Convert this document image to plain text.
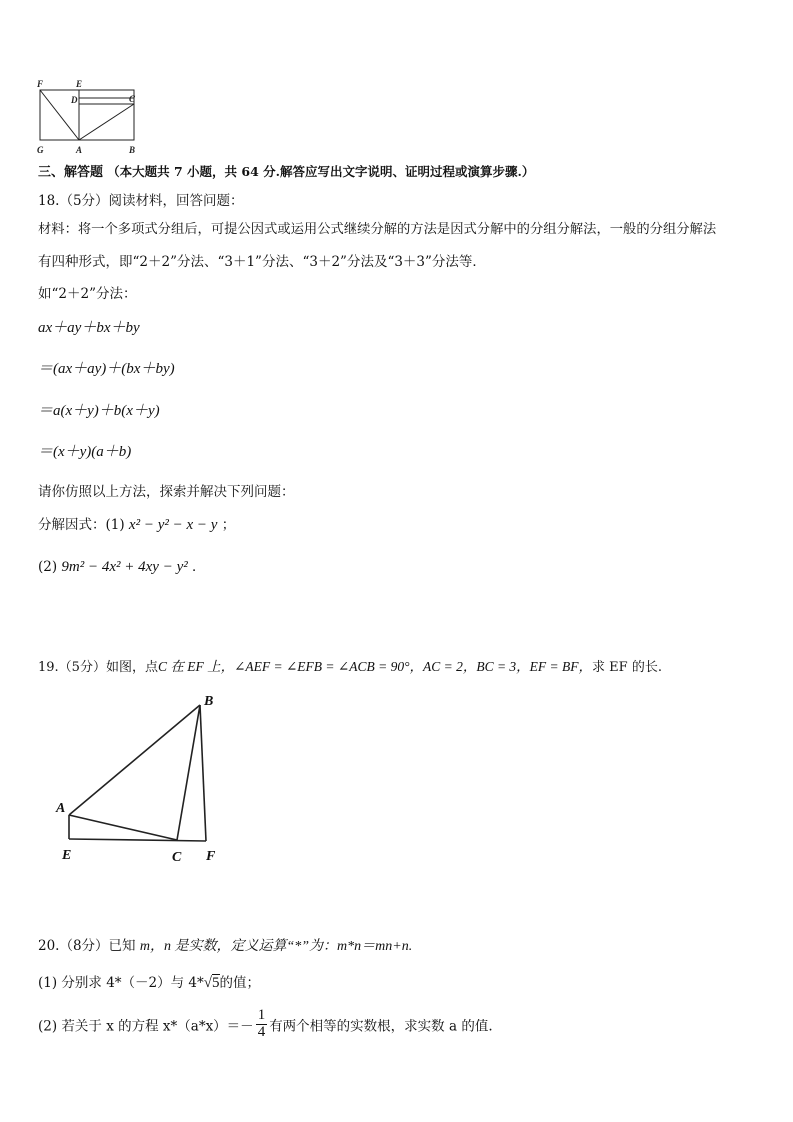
F	E
D	C
G	A	B
三、解答题 （本大题共 7 小题，共 64 分.解答应写出文字说明、证明过程或演算步骤.）
18.（5分）阅读材料，回答问题：
材料：将一个多项式分组后，可提公因式或运用公式继续分解的方法是因式分解中的分组分解法，一般的分组分解法
有四种形式，即“2＋2”分法、“3＋1”分法、“3＋2”分法及“3＋3”分法等．
如“2＋2”分法：
ax＋ay＋bx＋by
＝(ax＋ay)＋(bx＋by)
＝a(x＋y)＋b(x＋y)
＝(x＋y)(a＋b)
请你仿照以上方法，探索并解决下列问题：
分解因式：(1) x² − y² − x − y ；
(2) 9m² − 4x² + 4xy − y² ．
19.（5分）如图，点C 在 EF 上，∠AEF = ∠EFB = ∠ACB = 90°，AC = 2，BC = 3，EF = BF，求 EF 的长.
B
A
E	C F
20.（8分）已知 m，n 是实数，定义运算“*”为：m*n＝mn+n.
(1) 分别求 4*（－2）与 4*√5的值；
(2) 若关于 x 的方程 $x*(a*x)=- \frac{1}{4}$ 有两个相等的实数根，求实数 a 的值.
